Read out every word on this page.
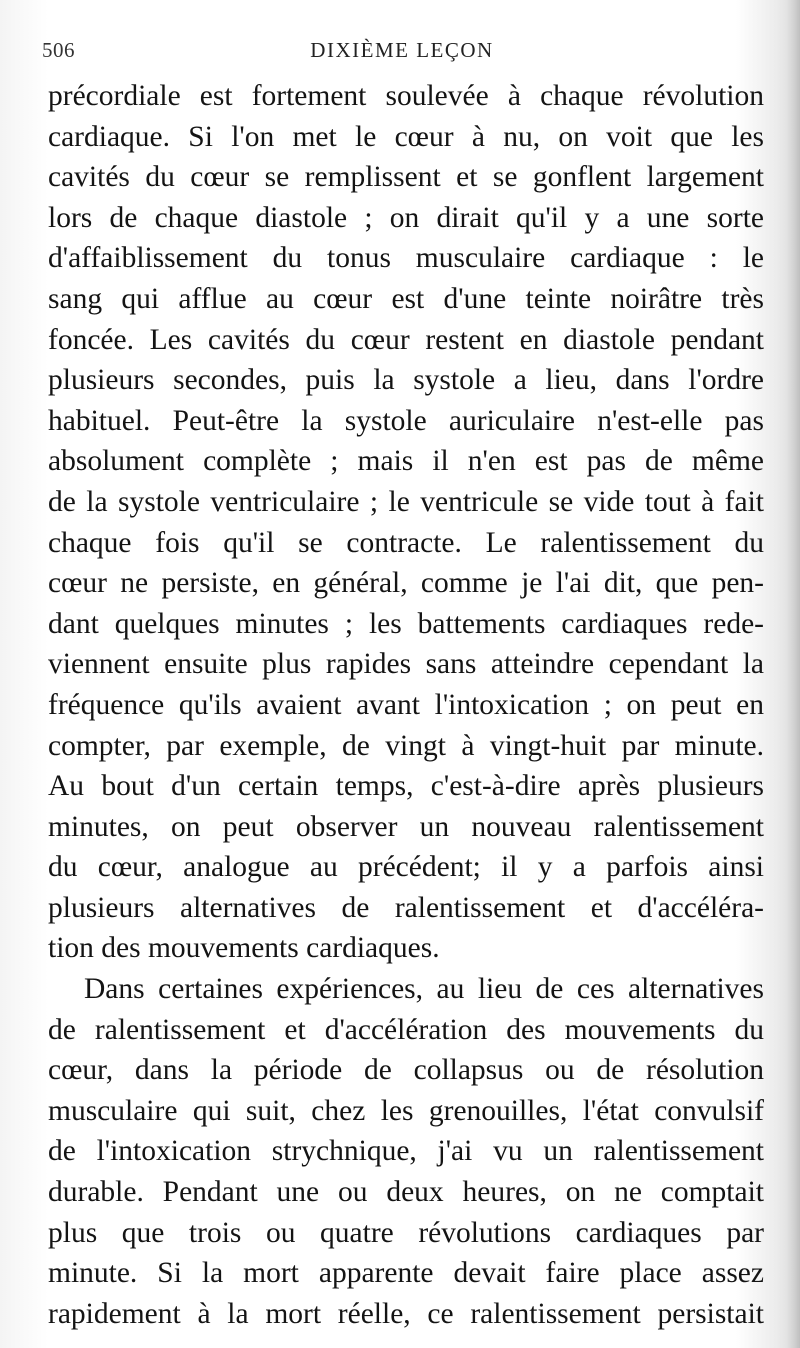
506	DIXIÈME LEÇON
précordiale est fortement soulevée à chaque révolution
cardiaque. Si l'on met le cœur à nu, on voit que les
cavités du cœur se remplissent et se gonflent largement
lors de chaque diastole ; on dirait qu'il y a une sorte
d'affaiblissement du tonus musculaire cardiaque : le
sang qui afflue au cœur est d'une teinte noirâtre très
foncée. Les cavités du cœur restent en diastole pendant
plusieurs secondes, puis la systole a lieu, dans l'ordre
habituel. Peut-être la systole auriculaire n'est-elle pas
absolument complète ; mais il n'en est pas de même
de la systole ventriculaire ; le ventricule se vide tout à fait
chaque fois qu'il se contracte. Le ralentissement du
cœur ne persiste, en général, comme je l'ai dit, que pen-
dant quelques minutes ; les battements cardiaques rede-
viennent ensuite plus rapides sans atteindre cependant la
fréquence qu'ils avaient avant l'intoxication ; on peut en
compter, par exemple, de vingt à vingt-huit par minute.
Au bout d'un certain temps, c'est-à-dire après plusieurs
minutes, on peut observer un nouveau ralentissement
du cœur, analogue au précédent; il y a parfois ainsi
plusieurs alternatives de ralentissement et d'accéléra-
tion des mouvements cardiaques.
Dans certaines expériences, au lieu de ces alternatives
de ralentissement et d'accélération des mouvements du
cœur, dans la période de collapsus ou de résolution
musculaire qui suit, chez les grenouilles, l'état convulsif
de l'intoxication strychnique, j'ai vu un ralentissement
durable. Pendant une ou deux heures, on ne comptait
plus que trois ou quatre révolutions cardiaques par
minute. Si la mort apparente devait faire place assez
rapidement à la mort réelle, ce ralentissement persistait
